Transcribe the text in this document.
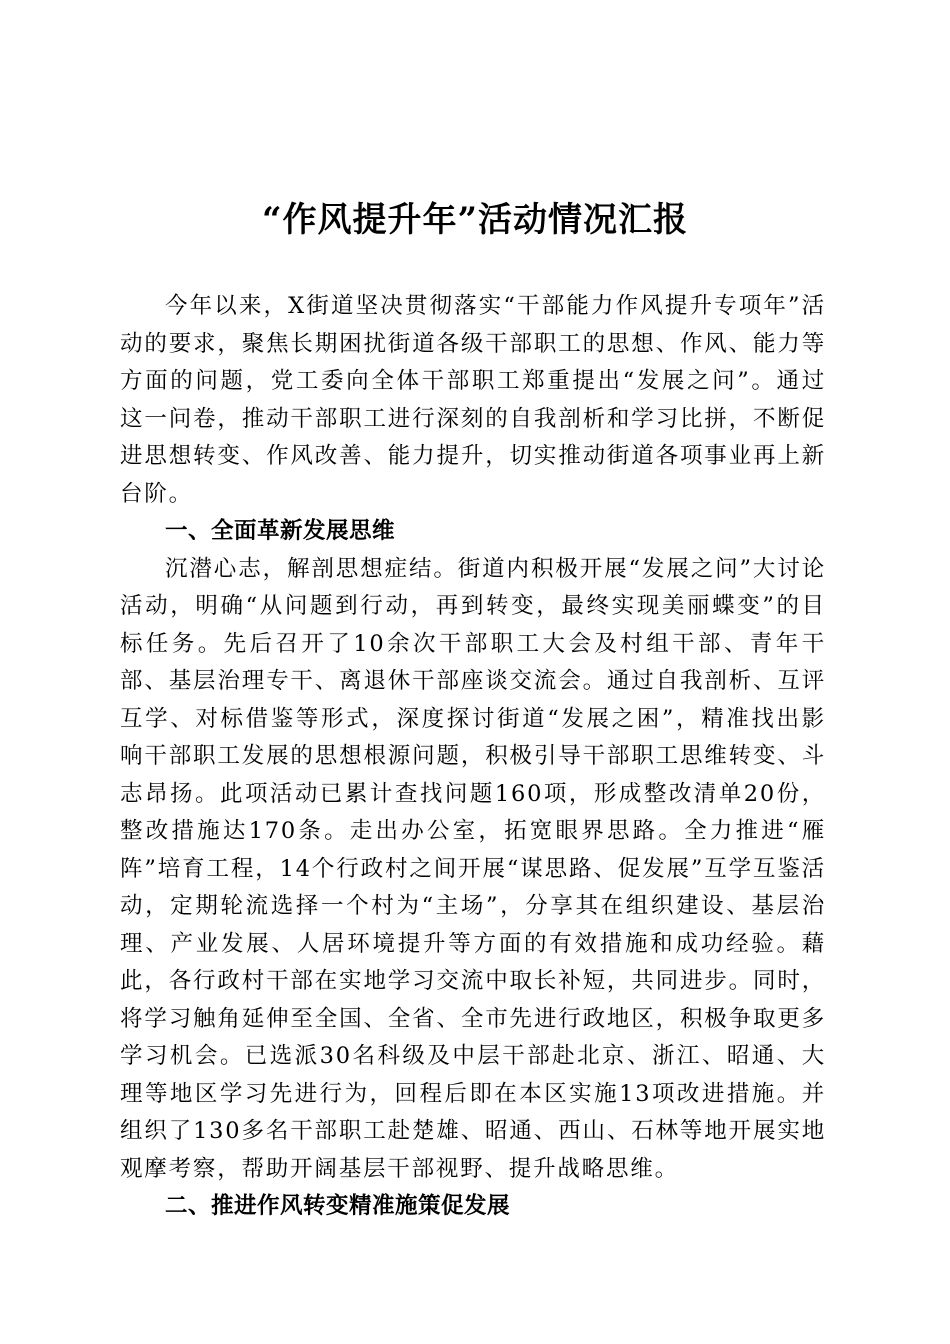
“作风提升年”活动情况汇报

今年以来，X街道坚决贯彻落实“干部能力作风提升专项年”活动的要求，聚焦长期困扰街道各级干部职工的思想、作风、能力等方面的问题，党工委向全体干部职工郑重提出“发展之问”。通过这一问卷，推动干部职工进行深刻的自我剖析和学习比拼，不断促进思想转变、作风改善、能力提升，切实推动街道各项事业再上新台阶。

一、全面革新发展思维

沉潜心志，解剖思想症结。街道内积极开展“发展之问”大讨论活动，明确“从问题到行动，再到转变，最终实现美丽蝶变”的目标任务。先后召开了10余次干部职工大会及村组干部、青年干部、基层治理专干、离退休干部座谈交流会。通过自我剖析、互评互学、对标借鉴等形式，深度探讨街道“发展之困”，精准找出影响干部职工发展的思想根源问题，积极引导干部职工思维转变、斗志昂扬。此项活动已累计查找问题160项，形成整改清单20份，整改措施达170条。走出办公室，拓宽眼界思路。全力推进“雁阵”培育工程，14个行政村之间开展“谋思路、促发展”互学互鉴活动，定期轮流选择一个村为“主场”，分享其在组织建设、基层治理、产业发展、人居环境提升等方面的有效措施和成功经验。藉此，各行政村干部在实地学习交流中取长补短，共同进步。同时，将学习触角延伸至全国、全省、全市先进行政地区，积极争取更多学习机会。已选派30名科级及中层干部赴北京、浙江、昭通、大理等地区学习先进行为，回程后即在本区实施13项改进措施。并组织了130多名干部职工赴楚雄、昭通、西山、石林等地开展实地观摩考察，帮助开阔基层干部视野、提升战略思维。

二、推进作风转变精准施策促发展
